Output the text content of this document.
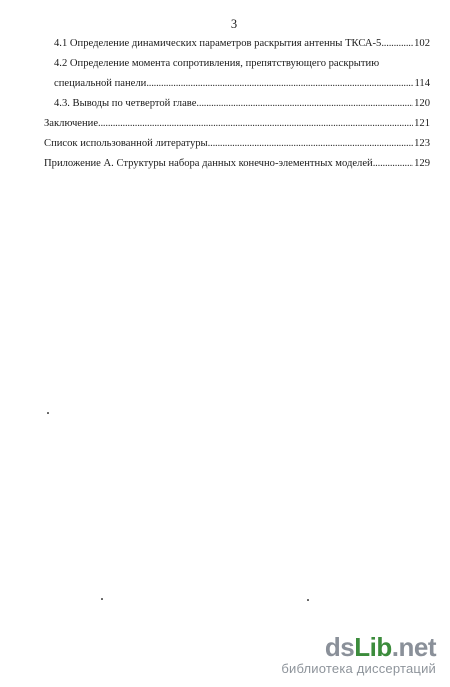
3
4.1 Определение динамических параметров раскрытия антенны ТКСА-5 .....	102
4.2 Определение момента сопротивления, препятствующего раскрытию
специальной панели .....	114
4.3. Выводы по четвертой главе .....	120
Заключение .....	121
Список использованной литературы .....	123
Приложение А. Структуры набора данных конечно-элементных моделей .....	129
dsLib.net
библиотека диссертаций
